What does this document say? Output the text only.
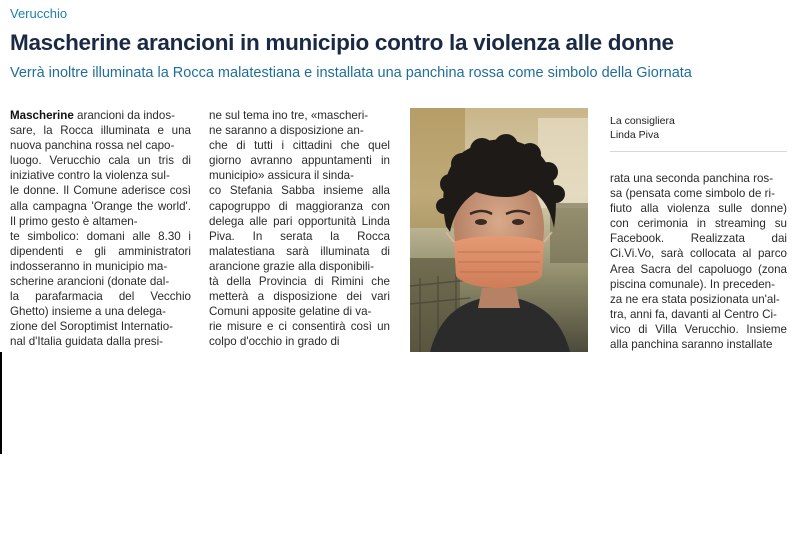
Verucchio
Mascherine arancioni in municipio contro la violenza alle donne
Verrà inoltre illuminata la Rocca malatestiana e installata una panchina rossa come simbolo della Giornata
Mascherine arancioni da indos-
sare, la Rocca illuminata e una nuova panchina rossa nel capo-
luogo. Verucchio cala un tris di iniziative contro la violenza sul-
le donne. Il Comune aderisce così alla campagna 'Orange the world'. Il primo gesto è altamen-
te simbolico: domani alle 8.30 i dipendenti e gli amministratori indosseranno in municipio ma-
scherine arancioni (donate dal-
la parafarmacia del Vecchio Ghetto) insieme a una delega-
zione del Soroptimist Internatio-
nal d'Italia guidata dalla presi-
ne sul tema ino tre, «mascheri-
ne saranno a disposizione an-
che di tutti i cittadini che quel giorno avranno appuntamenti in municipio» assicura il sinda-
co Stefania Sabba insieme alla capogruppo di maggioranza con delega alle pari opportunità Linda Piva. In serata la Rocca malatestiana sarà illuminata di arancione grazie alla disponibili-
tà della Provincia di Rimini che metterà a disposizione dei vari Comuni apposite gelatine di va-
rie misure e ci consentirà così un colpo d'occhio in grado di
La consigliera
Linda Piva
rata una seconda panchina ros-
sa (pensata come simbolo de ri-
fiuto alla violenza sulle donne) con cerimonia in streaming su Facebook. Realizzata dai Ci.Vi.Vo, sarà collocata al parco Area Sacra del capoluogo (zona piscina comunale). In preceden-
za ne era stata posizionata un'al-
tra, anni fa, davanti al Centro Ci-
vico di Villa Verucchio. Insieme alla panchina saranno installate
